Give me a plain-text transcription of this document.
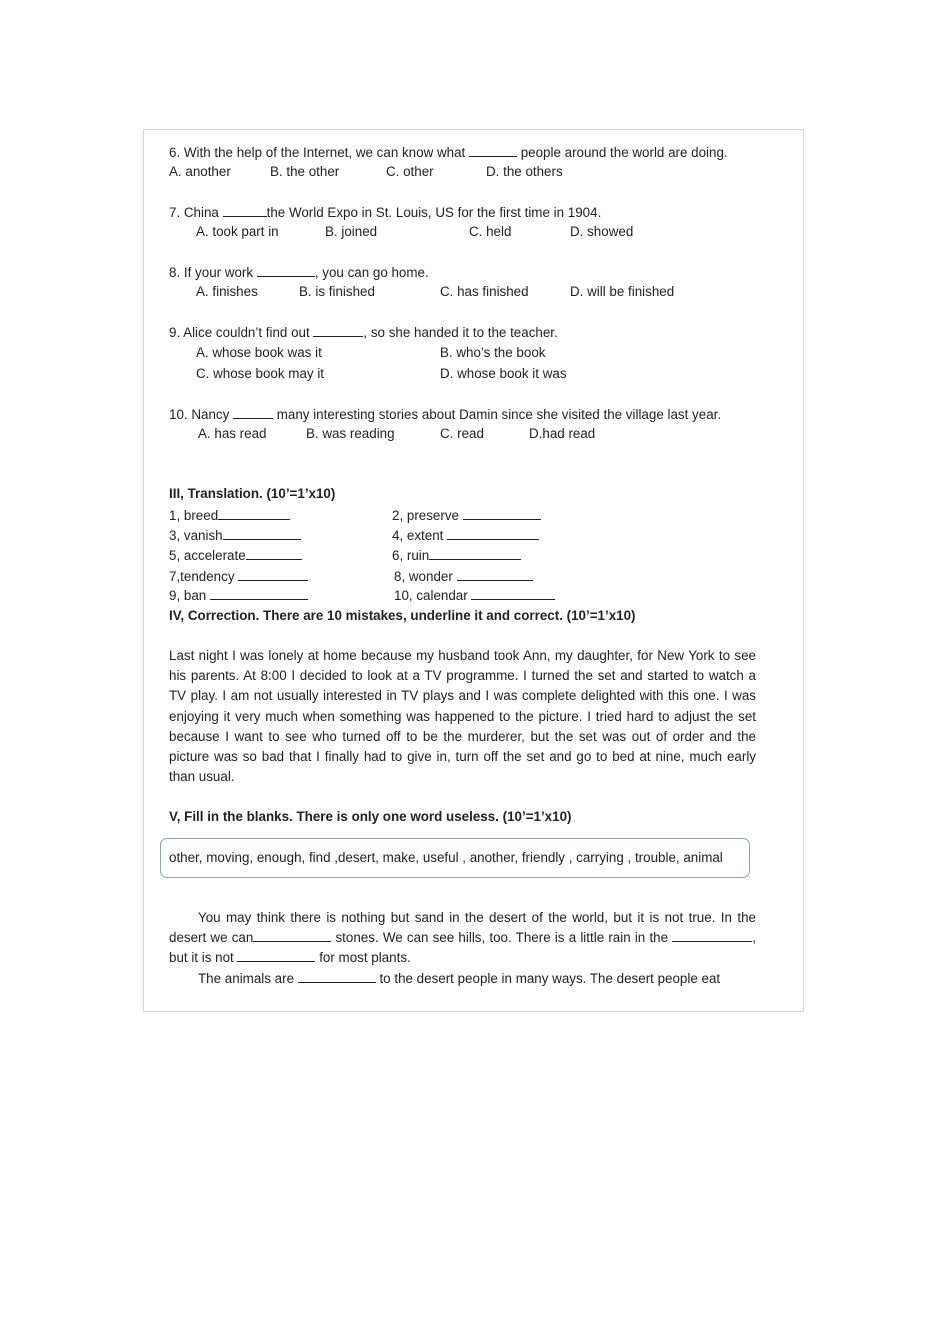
6. With the help of the Internet, we can know what	people around the world are doing.
A. another	B. the other	C. other	D. the others
7. China	the World Expo in St. Louis, US for the first time in 1904.
A. took part in	B. joined	C. held	D. showed
8. If your work	, you can go home.
A. finishes	B. is finished	C. has finished	D. will be finished
9. Alice couldn’t find out	, so she handed it to the teacher.
A. whose book was it	B. who’s the book
C. whose book may it	D. whose book it was
10. Nancy	many interesting stories about Damin since she visited the village last year.
A. has read	B. was reading	C. read	D.had read
III, Translation. (10’=1’x10)
1, breed	2, preserve
3, vanish	4, extent
5, accelerate	6, ruin
7,tendency	8, wonder
9, ban	10, calendar
IV, Correction. There are 10 mistakes, underline it and correct. (10’=1’x10)

Last night I was lonely at home because my husband took Ann, my daughter, for New York to see his parents. At 8:00 I decided to look at a TV programme. I turned the set and started to watch a TV play. I am not usually interested in TV plays and I was complete delighted with this one. I was enjoying it very much when something was happened to the picture. I tried hard to adjust the set because I want to see who turned off to be the murderer, but the set was out of order and the picture was so bad that I finally had to give in, turn off the set and go to bed at nine, much early than usual.

V, Fill in the blanks. There is only one word useless. (10’=1’x10)
other, moving, enough, find ,desert, make, useful , another, friendly , carrying , trouble, animal
You may think there is nothing but sand in the desert of the world, but it is not true. In the desert we can	stones. We can see hills, too. There is a little rain in the	, but it is not	for most plants.
The animals are	to the desert people in many ways. The desert people eat
